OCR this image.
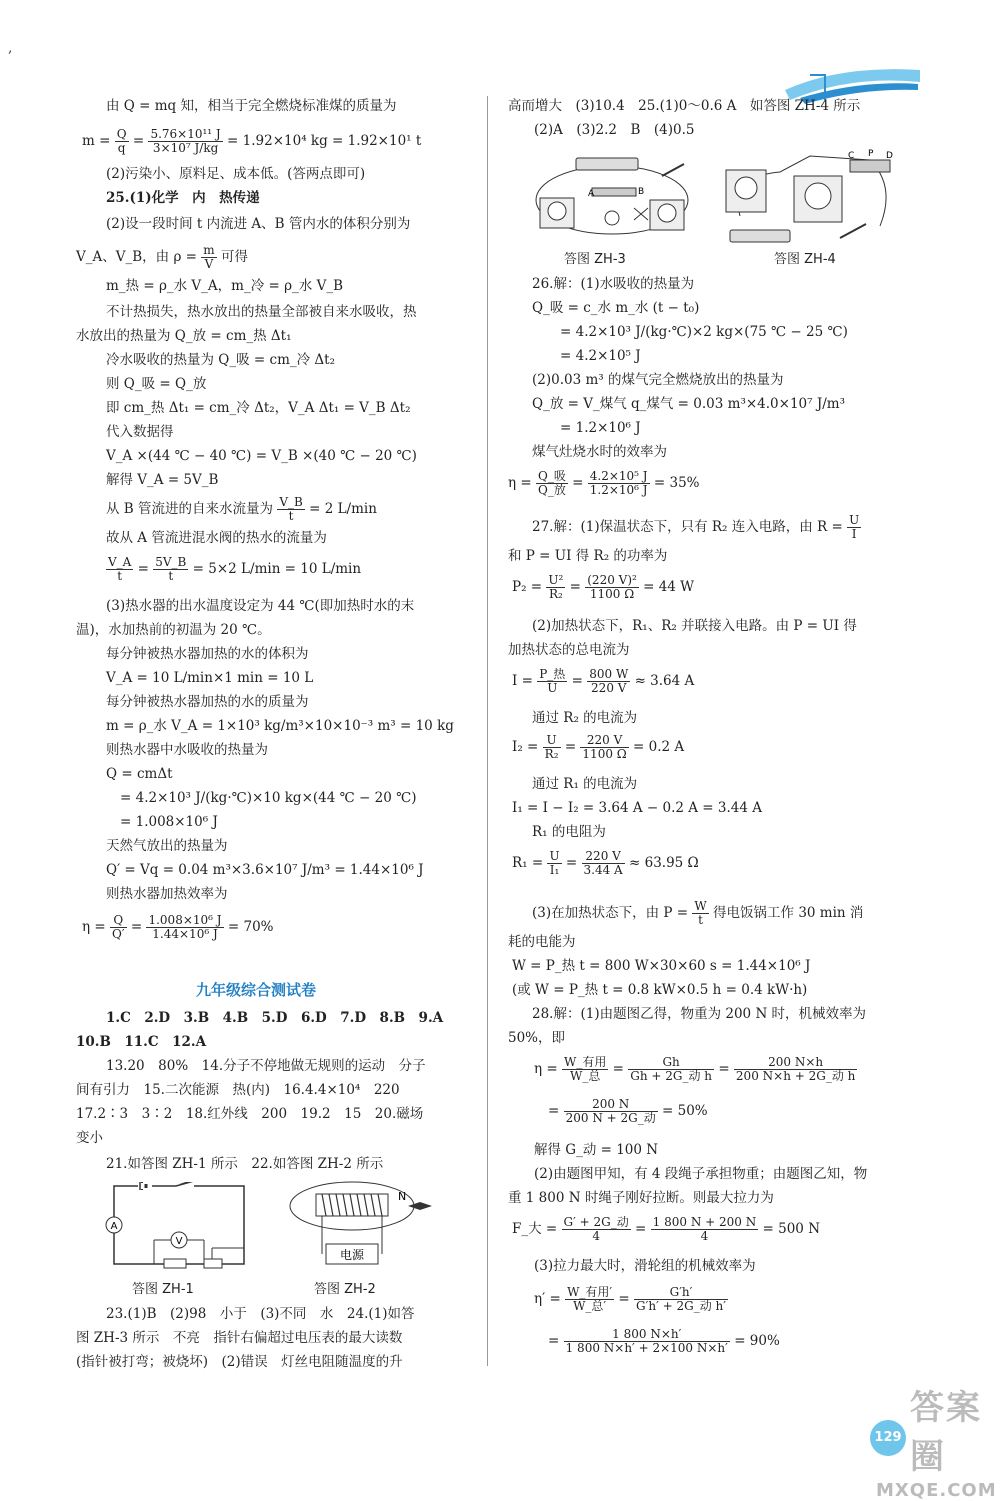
,
由 Q = mq 知，相当于完全燃烧标准煤的质量为
$m = \frac{Q}{q} = \frac{\text{5.76×10¹¹ J}}{\text{3×10⁷ J/kg}} = 1.92\times 10^4$ kg = 1.92×10¹ t
(2)污染小、原料足、成本低。(答两点即可)
25.(1)化学　内　热传递
(2)设一段时间 t 内流进 A、B 管内水的体积分别为
V_A、V_B，由 $\rho = \frac{m}{V}$ 可得
m_热 = ρ_水 V_A，m_冷 = ρ_水 V_B
不计热损失，热水放出的热量全部被自来水吸收，热
水放出的热量为 Q_放 = cm_热 Δt₁
冷水吸收的热量为 Q_吸 = cm_冷 Δt₂
则 Q_吸 = Q_放
即 cm_热 Δt₁ = cm_冷 Δt₂，V_A Δt₁ = V_B Δt₂
代入数据得
V_A ×(44 ℃ − 40 ℃) = V_B ×(40 ℃ − 20 ℃)
解得 V_A = 5V_B
从 B 管流进的自来水流量为 $\frac{V\_B}{t} = 2$ L/min
故从 A 管流进混水阀的热水的流量为
$\frac{V\_A}{t} = \frac{5V\_B}{t} = 5\times 2$ L/min = 10 L/min
(3)热水器的出水温度设定为 44 ℃(即加热时水的末
温)，水加热前的初温为 20 ℃。
每分钟被热水器加热的水的体积为
V_A = 10 L/min×1 min = 10 L
每分钟被热水器加热的水的质量为
m = ρ_水 V_A = 1×10³ kg/m³×10×10⁻³ m³ = 10 kg
则热水器中水吸收的热量为
Q = cmΔt
= 4.2×10³ J/(kg·℃)×10 kg×(44 ℃ − 20 ℃)
= 1.008×10⁶ J
天然气放出的热量为
Q′ = Vq = 0.04 m³×3.6×10⁷ J/m³ = 1.44×10⁶ J
则热水器加热效率为
$\eta = \frac{Q}{Q'} = \frac{\text{1.008×10⁶ J}}{\text{1.44×10⁶ J}} = 70\%$
九年级综合测试卷
1.C　2.D　3.B　4.B　5.D　6.D　7.D　8.B　9.A
10.B　11.C　12.A
13.20　80%　14.分子不停地做无规则的运动　分子
间有引力　15.二次能源　热(内)　16.4.4×10⁴　220
17.2∶3　3∶2　18.红外线　200　19.2　15　20.磁场
变小
21.如答图 ZH-1 所示　22.如答图 ZH-2 所示
A
V
答图 ZH-1
N
电源
答图 ZH-2
23.(1)B　(2)98　小于　(3)不同　水　24.(1)如答
图 ZH-3 所示　不亮　指针右偏超过电压表的最大读数
(指针被打弯；被烧坏)　(2)错误　灯丝电阻随温度的升
高而增大　(3)10.4　25.(1)0～0.6 A　如答图 ZH-4 所示
(2)A　(3)2.2　B　(4)0.5
A	B
答图 ZH-3
C P D
答图 ZH-4
26.解：(1)水吸收的热量为
Q_吸 = c_水 m_水 (t − t₀)
= 4.2×10³ J/(kg·℃)×2 kg×(75 ℃ − 25 ℃)
= 4.2×10⁵ J
(2)0.03 m³ 的煤气完全燃烧放出的热量为
Q_放 = V_煤气 q_煤气 = 0.03 m³×4.0×10⁷ J/m³
= 1.2×10⁶ J
煤气灶烧水时的效率为
$\eta = \frac{\text{Q\_吸}}{\text{Q\_放}} = \frac{\text{4.2×10⁵ J}}{\text{1.2×10⁶ J}} = 35\%$
27.解：(1)保温状态下，只有 R₂ 连入电路，由 $R = \frac{U}{I}$
和 P = UI 得 R₂ 的功率为
$P_2 = \frac{\text{U²}}{\text{R₂}} = \frac{\text{(220 V)²}}{1100 \Omega} = 44$ W
(2)加热状态下，R₁、R₂ 并联接入电路。由 P = UI 得
加热状态的总电流为
$I = \frac{\text{P\_热}}{U} = \frac{800 W}{220 V} \approx 3.64$ A
通过 R₂ 的电流为
$I_2 = \frac{U}{\text{R₂}} = \frac{220 V}{1100 \Omega} = 0.2$ A
通过 R₁ 的电流为
I₁ = I − I₂ = 3.64 A − 0.2 A = 3.44 A
R₁ 的电阻为
$R_1 = \frac{U}{\text{I₁}} = \frac{220 V}{3.44 A} \approx 63.95$ Ω
(3)在加热状态下，由 $P = \frac{W}{t}$ 得电饭锅工作 30 min 消
耗的电能为
W = P_热 t = 800 W×30×60 s = 1.44×10⁶ J
(或 W = P_热 t = 0.8 kW×0.5 h = 0.4 kW·h)
28.解：(1)由题图乙得，物重为 200 N 时，机械效率为
50%，即
$\eta = \frac{\text{W\_有用}}{\text{W\_总}} = \frac{Gh}{\text{Gh + 2G\_动 h}} = \frac{200 N\times h}{\text{200 N×h + 2G\_动 h}}$
= $\frac{200 N}{\text{200 N + 2G\_动}} = 50\%$
解得 G_动 = 100 N
(2)由题图甲知，有 4 段绳子承担物重；由题图乙知，物
重 1 800 N 时绳子刚好拉断。则最大拉力为
F_大 = $\frac{\text{G′ + 2G\_动}}{4} = \frac{1 800 N + 200 N}{4} = 500$ N
(3)拉力最大时，滑轮组的机械效率为
$\eta' = \frac{\text{W\_有用′}}{\text{W\_总′}} = \frac{G'h'}{\text{G′h′ + 2G\_动 h′}}$
= $\frac{1 800 N\times h'}{1 800 N\times h' + 2\times 100 N\times h'} = 90\%$
129
答案圈
MXQE.COM
